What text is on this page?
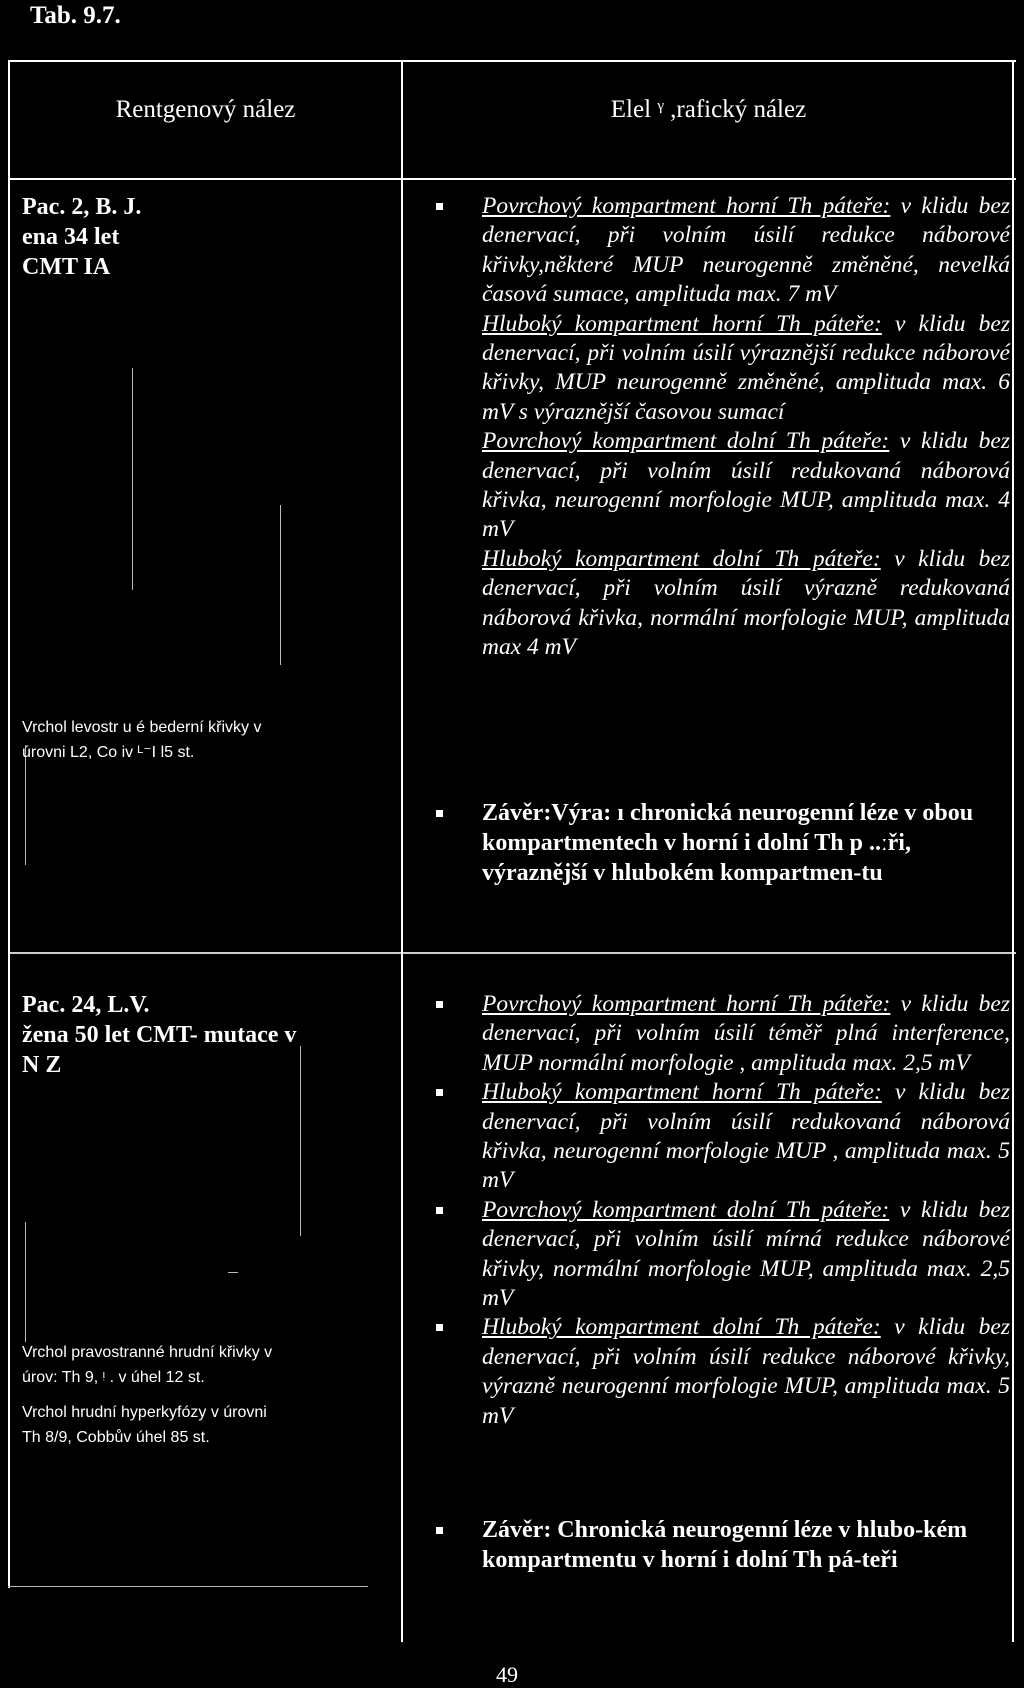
Tab. 9.7.
Rentgenový nález	Elel ᵞ ,rafický nález
Pac. 2, B. J.
ena 34 let
CMT IA
Vrchol levostr u é bederní křivky v
úrovni L2, Co iv ᴸ⁻I l5 st.
Povrchový kompartment horní Th páteře: v klidu bez denervací, při volním úsilí redukce náborové křivky,některé MUP neurogenně změněné, nevelká časová sumace, amplituda max. 7 mV
Hluboký kompartment horní Th páteře: v klidu bez denervací, při volním úsilí výraznější redukce náborové křivky, MUP neurogenně změněné, amplituda max. 6 mV s výraznější časovou sumací
Povrchový kompartment dolní Th páteře: v klidu bez denervací, při volním úsilí redukovaná náborová křivka, neurogenní morfologie MUP, amplituda max. 4 mV
Hluboký kompartment dolní Th páteře: v klidu bez denervací, při volním úsilí výrazně redukovaná náborová křivka, normální morfologie MUP, amplituda max 4 mV
Závěr:Výra: ı chronická neurogenní léze v obou kompartmentech v horní i dolní Th p ..ːři, výraznější v hlubokém kompartmen-tu
Pac. 24, L.V.
žena 50 let CMT- mutace v
N Z
Vrchol pravostranné hrudní křivky v
úrov: Th 9, ᵎ . v úhel 12 st.
Vrchol hrudní hyperkyfózy v úrovni
Th 8/9, Cobbův úhel 85 st.
Povrchový kompartment horní Th páteře: v klidu bez denervací, při volním úsilí téměř plná interference, MUP normální morfologie , amplituda max. 2,5 mV
Hluboký kompartment horní Th páteře: v klidu bez denervací, při volním úsilí redukovaná náborová křivka, neurogenní morfologie MUP , amplituda max. 5 mV
Povrchový kompartment dolní Th páteře: v klidu bez denervací, při volním úsilí mírná redukce náborové křivky, normální morfologie MUP, amplituda max. 2,5 mV
Hluboký kompartment dolní Th páteře: v klidu bez denervací, při volním úsilí redukce náborové křivky, výrazně neurogenní morfologie MUP, amplituda max. 5 mV
Závěr: Chronická neurogenní léze v hlubo-kém kompartmentu v horní i dolní Th pá-teři
49
